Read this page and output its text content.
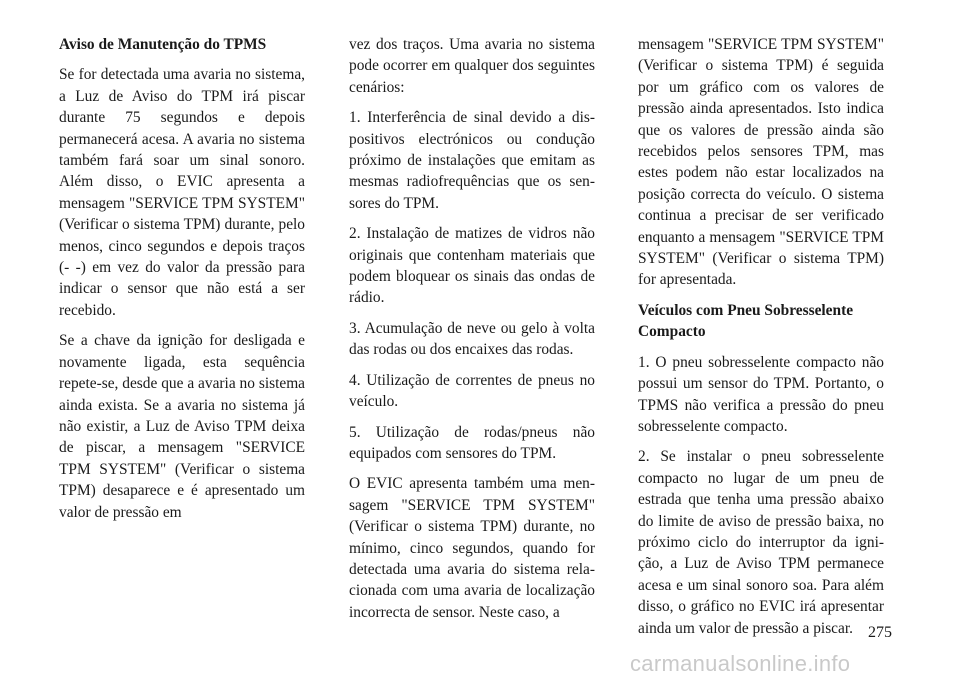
Aviso de Manutenção do TPMS

Se for detectada uma avaria no sistema, a Luz de Aviso do TPM irá piscar durante 75 segundos e depois permanecerá acesa. A avaria no sistema também fará soar um sinal sonoro. Além disso, o EVIC apresenta a mensagem "SERVICE TPM SYSTEM" (Verificar o sistema TPM) durante, pelo menos, cinco segundos e depois traços (- -) em vez do valor da pressão para indicar o sensor que não está a ser recebido.

Se a chave da ignição for desligada e novamente ligada, esta sequência repete-se, desde que a avaria no sistema ainda exista. Se a avaria no sistema já não existir, a Luz de Aviso TPM deixa de piscar, a mensagem "SERVICE TPM SYSTEM" (Verificar o sistema TPM) desaparece e é apresentado um valor de pressão em

vez dos traços. Uma avaria no sistema pode ocorrer em qualquer dos seguintes cenários:

1. Interferência de sinal devido a dispositivos electrónicos ou condução próximo de instalações que emitam as mesmas radiofrequências que os sensores do TPM.

2. Instalação de matizes de vidros não originais que contenham materiais que podem bloquear os sinais das ondas de rádio.

3. Acumulação de neve ou gelo à volta das rodas ou dos encaixes das rodas.

4. Utilização de correntes de pneus no veículo.

5. Utilização de rodas/pneus não equipados com sensores do TPM.

O EVIC apresenta também uma mensagem "SERVICE TPM SYSTEM" (Verificar o sistema TPM) durante, no mínimo, cinco segundos, quando for detectada uma avaria do sistema relacionada com uma avaria de localização incorrecta de sensor. Neste caso, a

mensagem "SERVICE TPM SYSTEM" (Verificar o sistema TPM) é seguida por um gráfico com os valores de pressão ainda apresentados. Isto indica que os valores de pressão ainda são recebidos pelos sensores TPM, mas estes podem não estar localizados na posição correcta do veículo. O sistema continua a precisar de ser verificado enquanto a mensagem "SERVICE TPM SYSTEM" (Verificar o sistema TPM) for apresentada.

Veículos com Pneu Sobresselente Compacto

1. O pneu sobresselente compacto não possui um sensor do TPM. Portanto, o TPMS não verifica a pressão do pneu sobresselente compacto.

2. Se instalar o pneu sobresselente compacto no lugar de um pneu de estrada que tenha uma pressão abaixo do limite de aviso de pressão baixa, no próximo ciclo do interruptor da ignição, a Luz de Aviso TPM permanece acesa e um sinal sonoro soa. Para além disso, o gráfico no EVIC irá apresentar ainda um valor de pressão a piscar. 275
carmanualsonline.info
